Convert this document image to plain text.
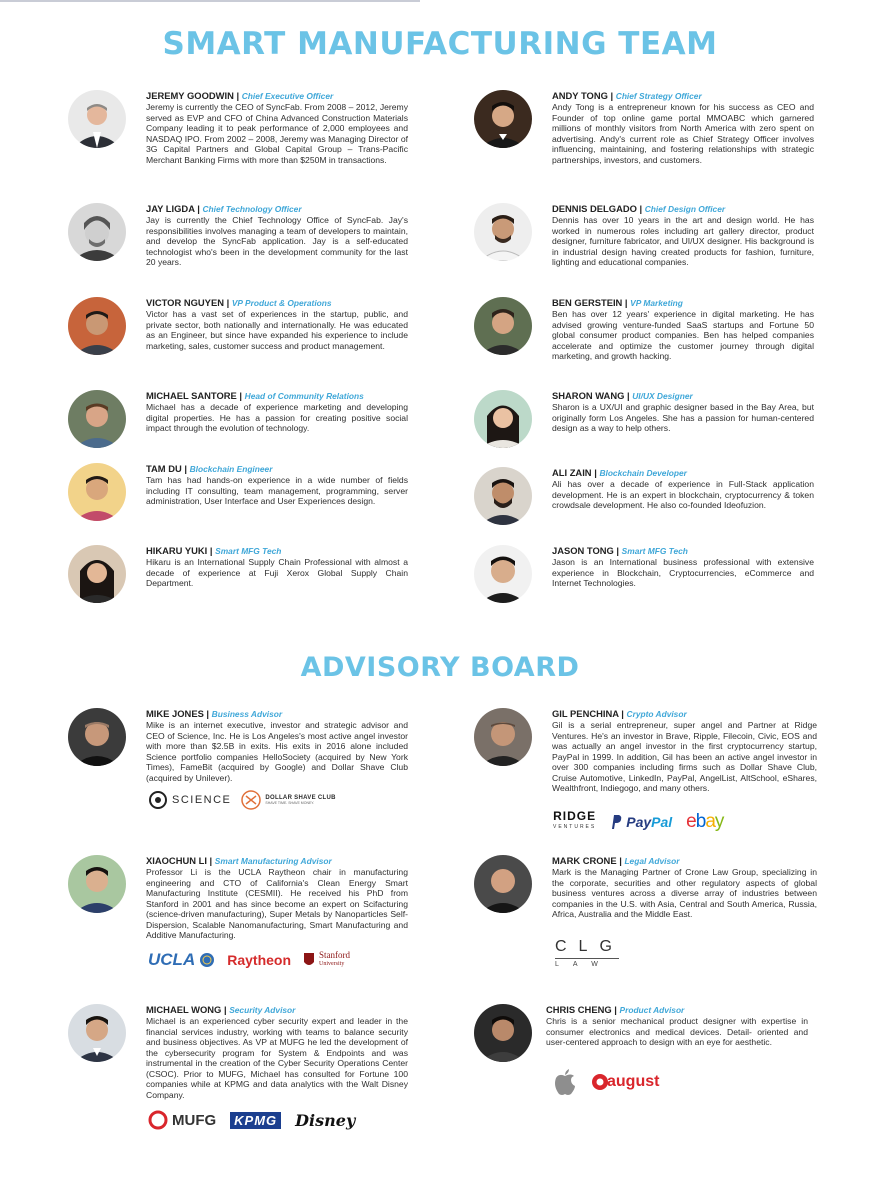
SMART MANUFACTURING TEAM
JEREMY GOODWIN | Chief Executive Officer

Jeremy is currently the CEO of SyncFab. From 2008 – 2012, Jeremy served as EVP and CFO of China Advanced Construction Materials Company leading it to peak performance of 2,000 employees and NASDAQ IPO. From 2002 – 2008, Jeremy was Managing Director of 3G Capital Partners and Global Capital Group – Trans-Pacific Merchant Banking Firms with more than $250M in transactions.

JAY LIGDA | Chief Technology Officer

Jay is currently the Chief Technology Office of SyncFab. Jay's responsibilities involves managing a team of developers to maintain, and develop the SyncFab application. Jay is a self-educated technologist who's been in the development community for the last 20 years.

VICTOR NGUYEN | VP Product & Operations

Victor has a vast set of experiences in the startup, public, and private sector, both nationally and internationally. He was educated as an Engineer, but since have expanded his experience to include marketing, sales, customer success and product management.

MICHAEL SANTORE | Head of Community Relations

Michael has a decade of experience marketing and developing digital properties. He has a passion for creating positive social impact through the evolution of technology.

TAM DU | Blockchain Engineer

Tam has had hands-on experience in a wide number of fields including IT consulting, team management, programming, server administration, User Interface and User Experiences design.

HIKARU YUKI | Smart MFG Tech

Hikaru is an International Supply Chain Professional with almost a decade of experience at Fuji Xerox Global Supply Chain Department.

ANDY TONG | Chief Strategy Officer

Andy Tong is a entrepreneur known for his success as CEO and Founder of top online game portal MMOABC which garnered millions of monthly visitors from North America with zero spent on advertising. Andy's current role as Chief Strategy Officer involves influencing, maintaining, and fostering relationships with strategic partnerships, investors, and customers.

DENNIS DELGADO | Chief Design Officer

Dennis has over 10 years in the art and design world. He has worked in numerous roles including art gallery director, product designer, furniture fabricator, and UI/UX designer. His background is in industrial design having created products for fashion, furniture, lighting and educational companies.

BEN GERSTEIN | VP Marketing

Ben has over 12 years' experience in digital marketing. He has advised growing venture-funded SaaS startups and Fortune 50 global consumer product companies. Ben has helped companies accelerate and optimize the customer journey through digital marketing, and growth hacking.

SHARON WANG | UI/UX Designer

Sharon is a UX/UI and graphic designer based in the Bay Area, but originally form Los Angeles. She has a passion for human-centered design as a way to help others.

ALI ZAIN | Blockchain Developer

Ali has over a decade of experience in Full-Stack application development. He is an expert in blockchain, cryptocurrency & token crowdsale development. He also co-founded Ideofuzion.

JASON TONG | Smart MFG Tech

Jason is an International business professional with extensive experience in Blockchain, Cryptocurrencies, eCommerce and Internet Technologies.

ADVISORY BOARD
MIKE JONES | Business Advisor

Mike is an internet executive, investor and strategic advisor and CEO of Science, Inc. He is Los Angeles's most active angel investor with more than $2.5B in exits. His exits in 2016 alone included Science portfolio companies HelloSociety (acquired by New York Times), FameBit (acquired by Google) and Dollar Shave Club (acquired by Unilever).

SCIENCE	DOLLAR SHAVE CLUB
SHAVE TIME. SHAVE MONEY.
XIAOCHUN LI | Smart Manufacturing Advisor

Professor Li is the UCLA Raytheon chair in manufacturing engineering and CTO of California's Clean Energy Smart Manufacturing Institute (CESMII). He received his PhD from Stanford in 2001 and has since become an expert on Scifacturing (science-driven manufacturing), Super Metals by Nanoparticles Self-Dispersion, Scalable Nanomanufacturing, Smart Manufacturing and Additive Manufacturing.

UCLA Raytheon	Stanford
University
MICHAEL WONG | Security Advisor

Michael is an experienced cyber security expert and leader in the financial services industry, working with teams to balance security and business objectives. As VP at MUFG he led the development of the cybersecurity program for System & Endpoints and was instrumental in the creation of the Cyber Security Operations Center (CSOC). Prior to MUFG, Michael has consulted for Fortune 100 companies while at KPMG and data analytics with the Walt Disney Company.

MUFG	KPMG Disney
GIL PENCHINA | Crypto Advisor

Gil is a serial entrepreneur, super angel and Partner at Ridge Ventures. He's an investor in Brave, Ripple, Filecoin, Civic, EOS and was actually an angel investor in the first cryptocurrency startup, PayPal in 1999. In addition, Gil has been an active angel investor in over 300 companies including firms such as Dollar Shave Club, Cruise Automotive, LinkedIn, PayPal, AngelList, AltSchool, eShares, Wealthfront, Indiegogo, and many others.

RIDGE
VENTURES PayPal e b a y
MARK CRONE | Legal Advisor

Mark is the Managing Partner of Crone Law Group, specializing in the corporate, securities and other regulatory aspects of global business ventures across a diverse array of industries between companies in the U.S. with Asia, Central and South America, Russia, Africa, Australia and the Middle East.

CLG
LAW
CHRIS CHENG | Product Advisor

Chris is a senior mechanical product designer with expertise in consumer electronics and medical devices. Detail- oriented and user-centered approach to design with an eye for aesthetic.

august
